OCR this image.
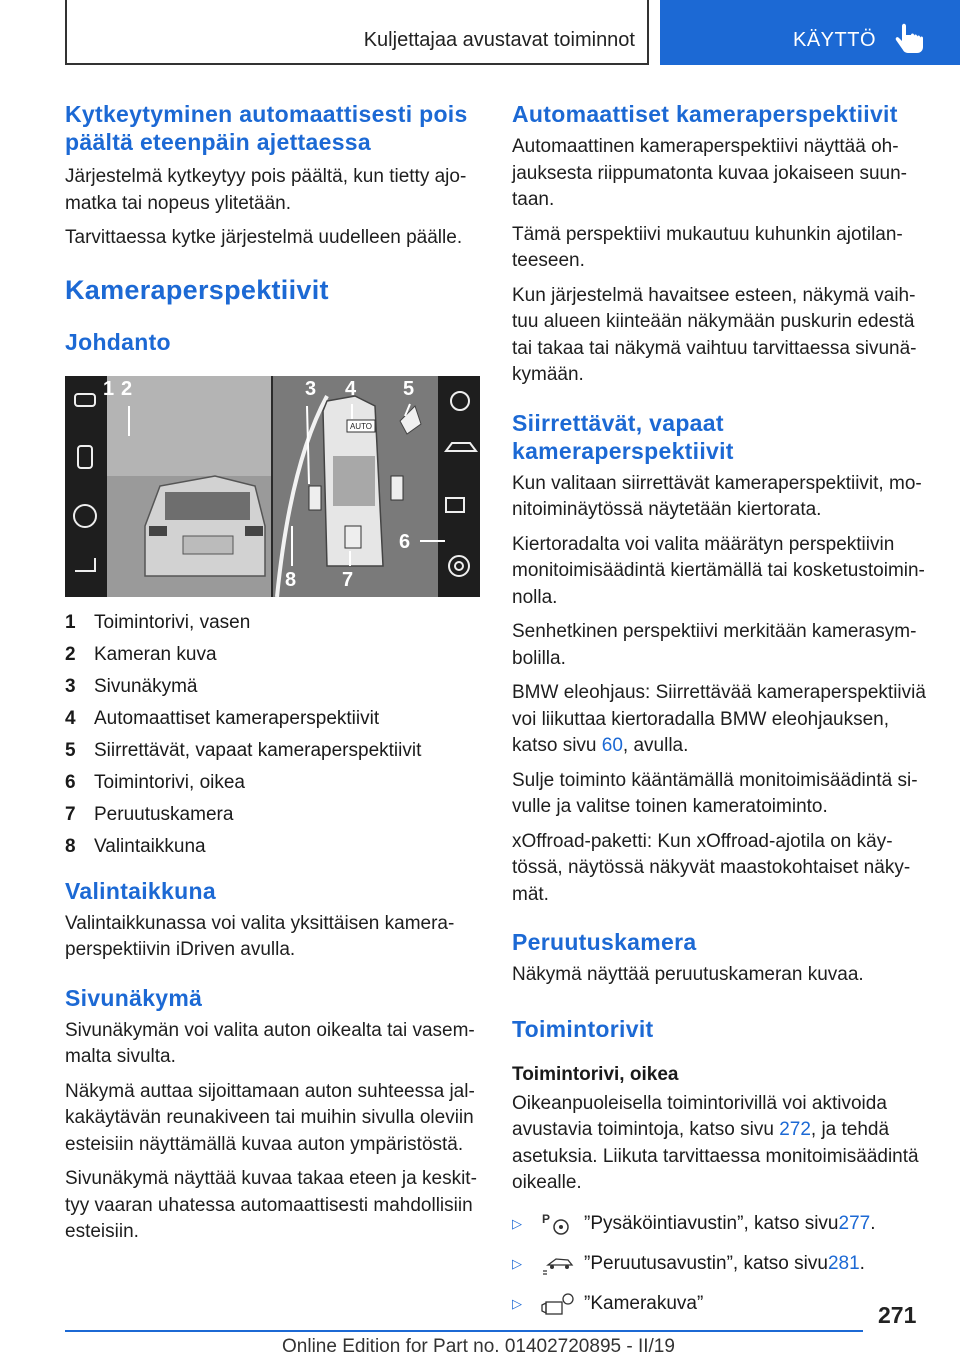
Kuljettajaa avustavat toiminnot	KÄYTTÖ
Kytkeytyminen automaattisesti pois päältä eteenpäin ajettaessa

Järjestelmä kytkeytyy pois päältä, kun tietty ajo-matka tai nopeus ylitetään.

Tarvittaessa kytke järjestelmä uudelleen päälle.

Kameraperspektiivit
Johdanto
AUTO
1 2	3 4 5
6
7
8
1 Toimintorivi, vasen
2 Kameran kuva
3 Sivunäkymä
4 Automaattiset kameraperspektiivit
5 Siirrettävät, vapaat kameraperspektiivit
6 Toimintorivi, oikea
7 Peruutuskamera
8 Valintaikkuna
Valintaikkuna

Valintaikkunassa voi valita yksittäisen kamera-perspektiivin iDriven avulla.

Sivunäkymä

Sivunäkymän voi valita auton oikealta tai vasem-malta sivulta.

Näkymä auttaa sijoittamaan auton suhteessa jal-kakäytävän reunakiveen tai muihin sivulla oleviin esteisiin näyttämällä kuvaa auton ympäristöstä.

Sivunäkymä näyttää kuvaa takaa eteen ja keskit-tyy vaaran uhatessa automaattisesti mahdollisiin esteisiin.

Automaattiset kameraperspektiivit

Automaattinen kameraperspektiivi näyttää oh-jauksesta riippumatonta kuvaa jokaiseen suun-taan.

Tämä perspektiivi mukautuu kuhunkin ajotilan-teeseen.

Kun järjestelmä havaitsee esteen, näkymä vaih-tuu alueen kiinteään näkymään puskurin edestä tai takaa tai näkymä vaihtuu tarvittaessa sivunä-kymään.

Siirrettävät, vapaat kameraperspektiivit

Kun valitaan siirrettävät kameraperspektiivit, mo-nitoiminäytössä näytetään kiertorata.

Kiertoradalta voi valita määrätyn perspektiivin monitoimisäädintä kiertämällä tai kosketustoimin-nolla.

Senhetkinen perspektiivi merkitään kamerasym-bolilla.

BMW eleohjaus: Siirrettävää kameraperspektiiviä voi liikuttaa kiertoradalla BMW eleohjauksen, katso sivu 60, avulla.

Sulje toiminto kääntämällä monitoimisäädintä si-vulle ja valitse toinen kameratoiminto.

xOffroad-paketti: Kun xOffroad-ajotila on käy-tössä, näytössä näkyvät maastokohtaiset näky-mät.

Peruutuskamera

Näkymä näyttää peruutuskameran kuvaa.

Toimintorivit
Toimintorivi, oikea

Oikeanpuoleisella toimintorivillä voi aktivoida avustavia toimintoja, katso sivu 272, ja tehdä asetuksia. Liikuta tarvittaessa monitoimisäädintä oikealle.

▷	P ”Pysäköintiavustin”, katso sivu 277 .
▷	”Peruutusavustin”, katso sivu 281 .
▷	”Kamerakuva”	271
Online Edition for Part no. 01402720895 - II/19
